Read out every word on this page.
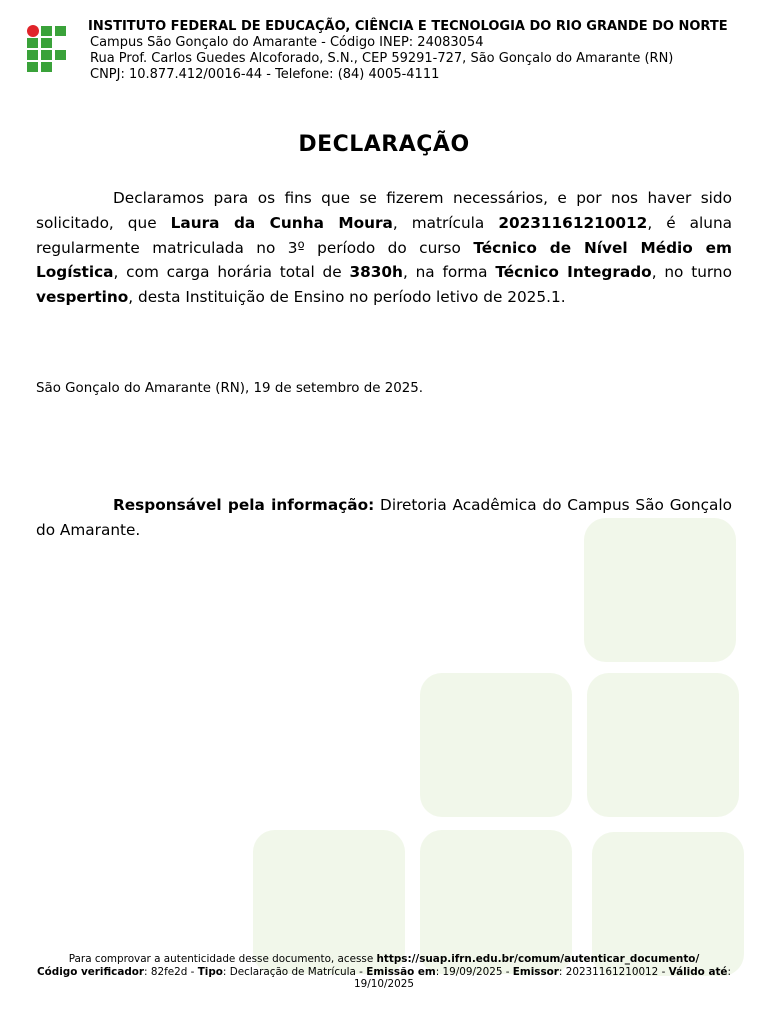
INSTITUTO FEDERAL DE EDUCAÇÃO, CIÊNCIA E TECNOLOGIA DO RIO GRANDE DO NORTE
Campus São Gonçalo do Amarante - Código INEP: 24083054
Rua Prof. Carlos Guedes Alcoforado, S.N., CEP 59291-727, São Gonçalo do Amarante (RN)
CNPJ: 10.877.412/0016-44 - Telefone: (84) 4005-4111
DECLARAÇÃO

Declaramos para os fins que se fizerem necessários, e por nos haver sido solicitado, que Laura da Cunha Moura, matrícula 20231161210012, é aluna regularmente matriculada no 3º período do curso Técnico de Nível Médio em Logística, com carga horária total de 3830h, na forma Técnico Integrado, no turno vespertino, desta Instituição de Ensino no período letivo de 2025.1.

São Gonçalo do Amarante (RN), 19 de setembro de 2025.

Responsável pela informação: Diretoria Acadêmica do Campus São Gonçalo do Amarante.

Para comprovar a autenticidade desse documento, acesse https://suap.ifrn.edu.br/comum/autenticar_documento/
Código verificador: 82fe2d - Tipo: Declaração de Matrícula - Emissão em: 19/09/2025 - Emissor: 20231161210012 - Válido até: 19/10/2025
